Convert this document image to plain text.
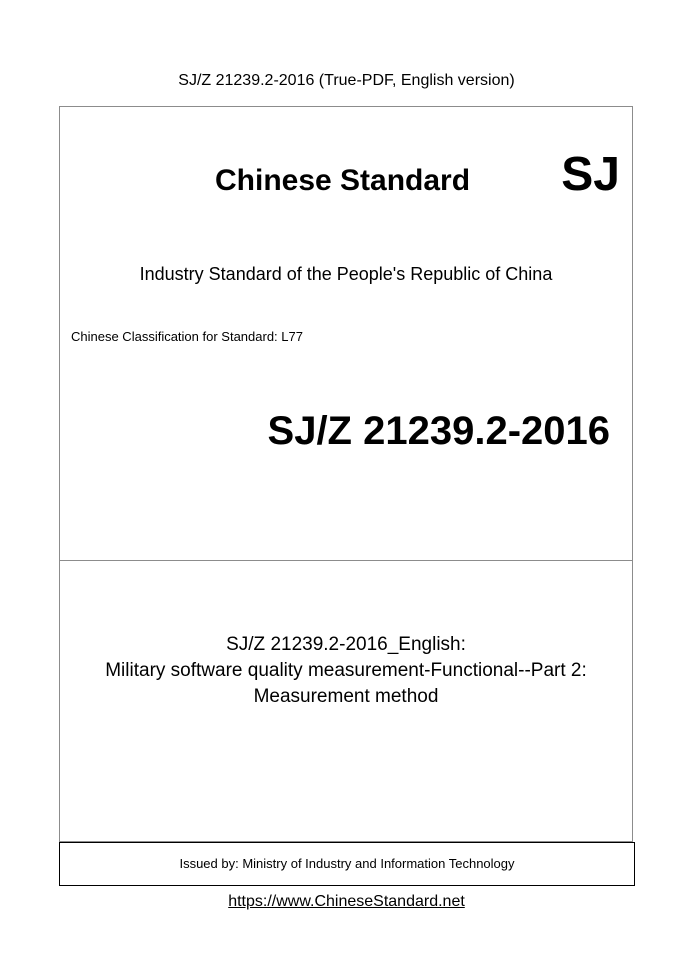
SJ/Z 21239.2-2016 (True-PDF, English version)
Chinese Standard SJ
Industry Standard of the People's Republic of China
Chinese Classification for Standard: L77
SJ/Z 21239.2-2016
SJ/Z 21239.2-2016_English:
Military software quality measurement-Functional--Part 2:
Measurement method
Issued by: Ministry of Industry and Information Technology
https://www.ChineseStandard.net
